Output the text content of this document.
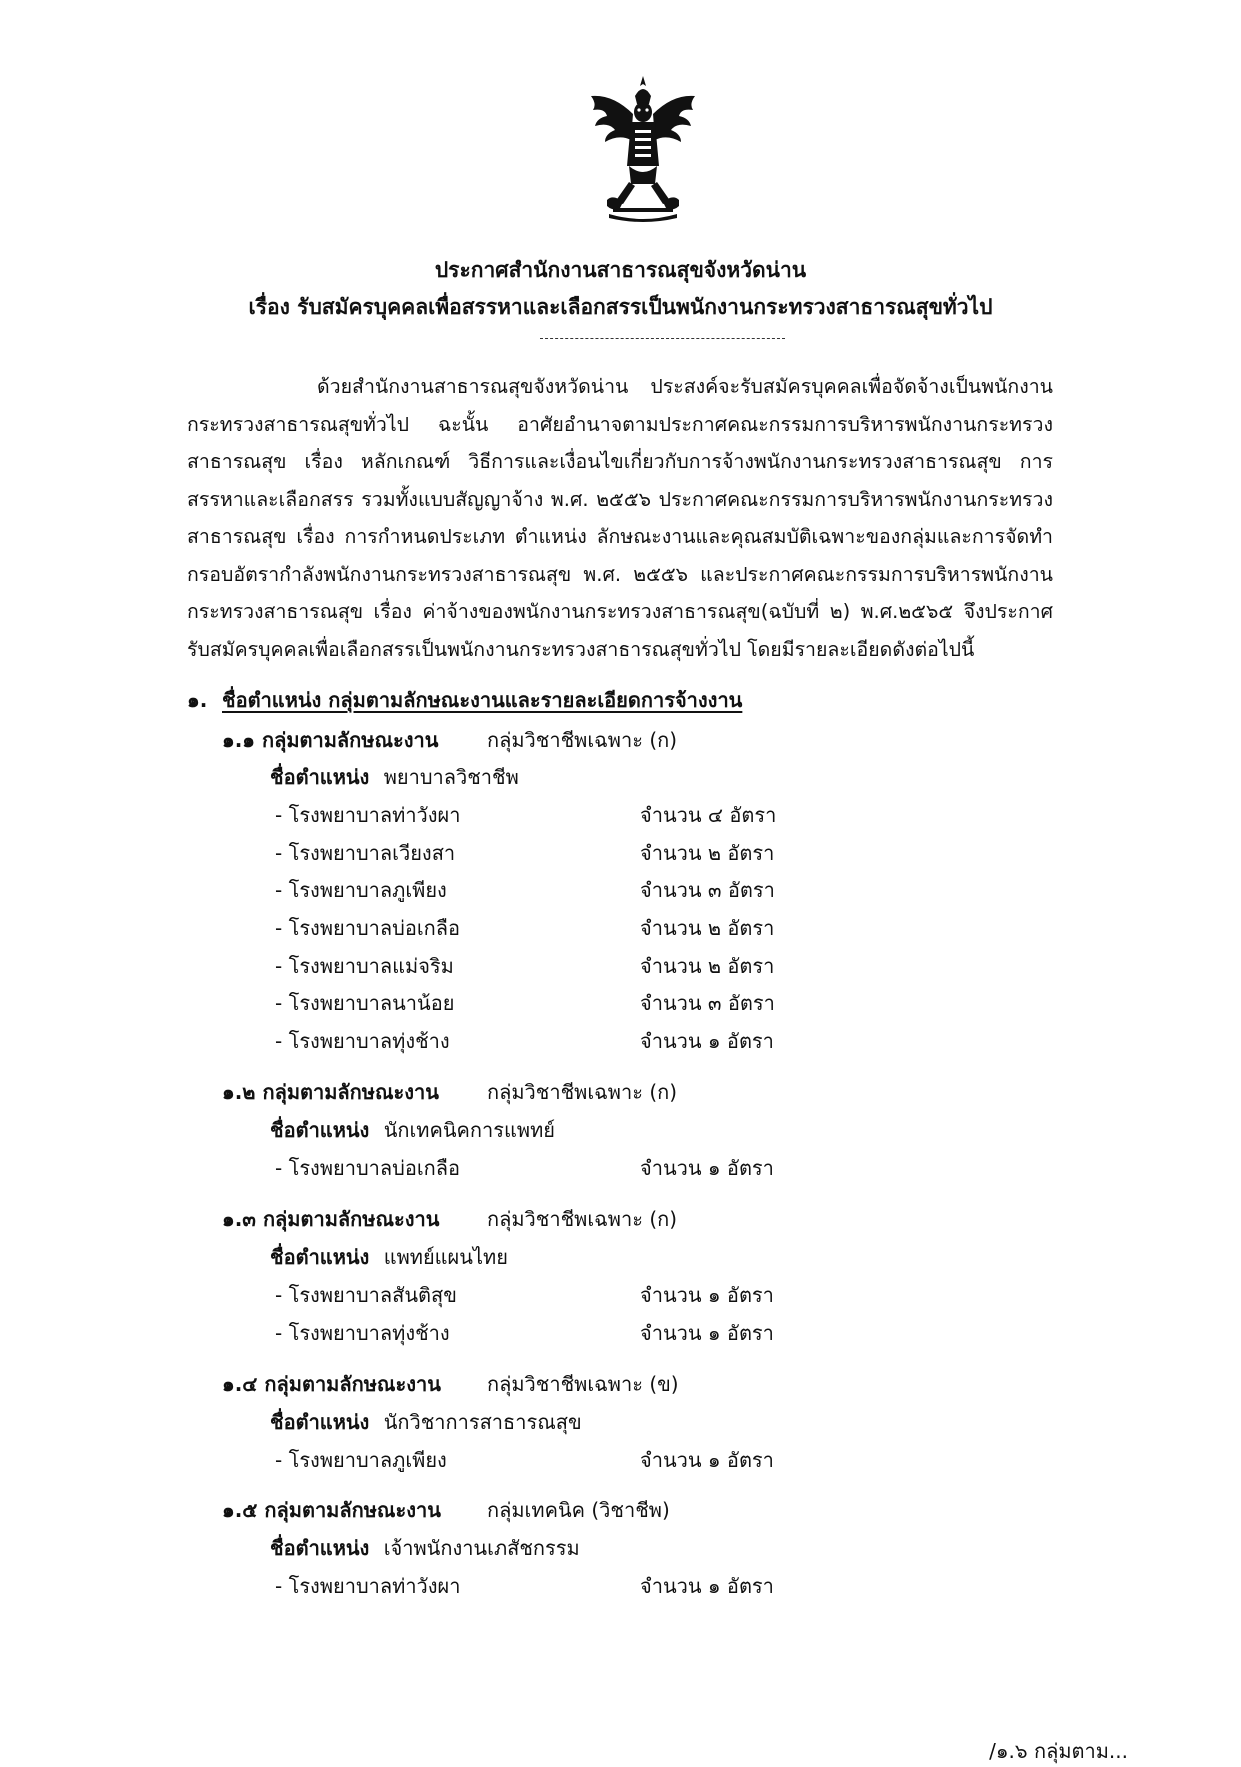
ประกาศสำนักงานสาธารณสุขจังหวัดน่าน
เรื่อง รับสมัครบุคคลเพื่อสรรหาและเลือกสรรเป็นพนักงานกระทรวงสาธารณสุขทั่วไป
ด้วยสำนักงานสาธารณสุขจังหวัดน่าน ประสงค์จะรับสมัครบุคคลเพื่อจัดจ้างเป็นพนักงานกระทรวงสาธารณสุขทั่วไป ฉะนั้น อาศัยอำนาจตามประกาศคณะกรรมการบริหารพนักงานกระทรวงสาธารณสุข เรื่อง หลักเกณฑ์ วิธีการและเงื่อนไขเกี่ยวกับการจ้างพนักงานกระทรวงสาธารณสุข การสรรหาและเลือกสรร รวมทั้งแบบสัญญาจ้าง พ.ศ. ๒๕๕๖ ประกาศคณะกรรมการบริหารพนักงานกระทรวงสาธารณสุข เรื่อง การกำหนดประเภท ตำแหน่ง ลักษณะงานและคุณสมบัติเฉพาะของกลุ่มและการจัดทำกรอบอัตรากำลังพนักงานกระทรวงสาธารณสุข พ.ศ. ๒๕๕๖ และประกาศคณะกรรมการบริหารพนักงานกระทรวงสาธารณสุข เรื่อง ค่าจ้างของพนักงานกระทรวงสาธารณสุข(ฉบับที่ ๒) พ.ศ.๒๕๖๕ จึงประกาศรับสมัครบุคคลเพื่อเลือกสรรเป็นพนักงานกระทรวงสาธารณสุขทั่วไป โดยมีรายละเอียดดังต่อไปนี้
๑. ชื่อตำแหน่ง กลุ่มตามลักษณะงานและรายละเอียดการจ้างงาน
๑.๑ กลุ่มตามลักษณะงาน กลุ่มวิชาชีพเฉพาะ (ก)
ชื่อตำแหน่ง พยาบาลวิชาชีพ
- โรงพยาบาลท่าวังผา	จำนวน ๔ อัตรา
- โรงพยาบาลเวียงสา	จำนวน ๒ อัตรา
- โรงพยาบาลภูเพียง	จำนวน ๓ อัตรา
- โรงพยาบาลบ่อเกลือ	จำนวน ๒ อัตรา
- โรงพยาบาลแม่จริม	จำนวน ๒ อัตรา
- โรงพยาบาลนาน้อย	จำนวน ๓ อัตรา
- โรงพยาบาลทุ่งช้าง	จำนวน ๑ อัตรา
๑.๒ กลุ่มตามลักษณะงาน กลุ่มวิชาชีพเฉพาะ (ก)
ชื่อตำแหน่ง นักเทคนิคการแพทย์
- โรงพยาบาลบ่อเกลือ	จำนวน ๑ อัตรา
๑.๓ กลุ่มตามลักษณะงาน กลุ่มวิชาชีพเฉพาะ (ก)
ชื่อตำแหน่ง แพทย์แผนไทย
- โรงพยาบาลสันติสุข	จำนวน ๑ อัตรา
- โรงพยาบาลทุ่งช้าง	จำนวน ๑ อัตรา
๑.๔ กลุ่มตามลักษณะงาน กลุ่มวิชาชีพเฉพาะ (ข)
ชื่อตำแหน่ง นักวิชาการสาธารณสุข
- โรงพยาบาลภูเพียง	จำนวน ๑ อัตรา
๑.๕ กลุ่มตามลักษณะงาน กลุ่มเทคนิค (วิชาชีพ)
ชื่อตำแหน่ง เจ้าพนักงานเภสัชกรรม
- โรงพยาบาลท่าวังผา	จำนวน ๑ อัตรา
/๑.๖ กลุ่มตาม...
